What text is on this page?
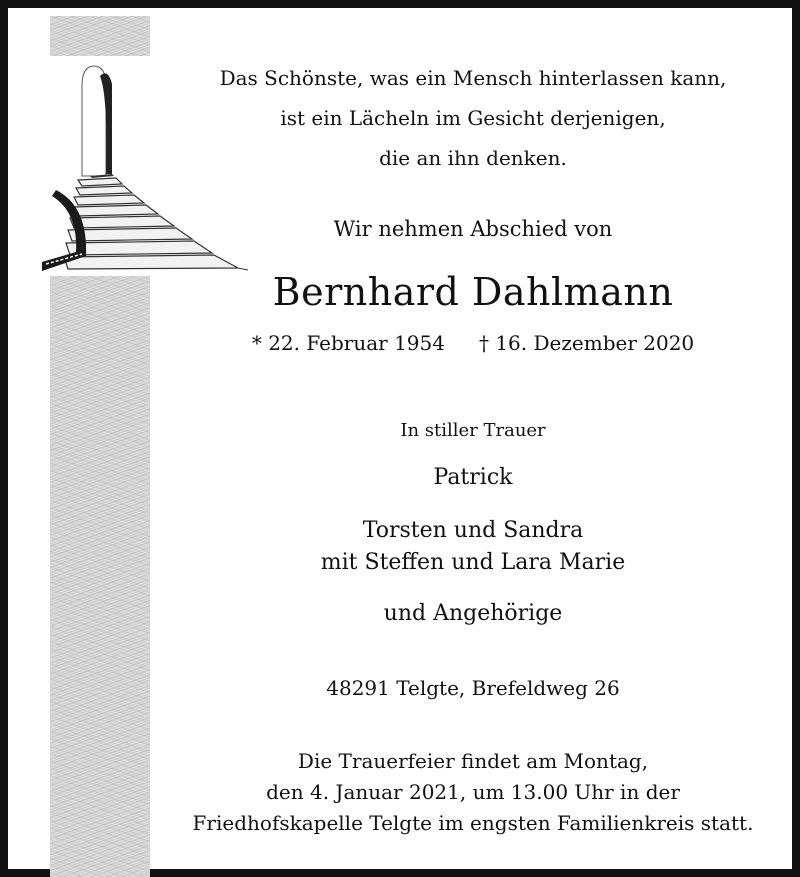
Das Schönste, was ein Mensch hinterlassen kann,
ist ein Lächeln im Gesicht derjenigen,
die an ihn denken.
Wir nehmen Abschied von
Bernhard Dahlmann
* 22. Februar 1954 † 16. Dezember 2020
In stiller Trauer
Patrick
Torsten und Sandra
mit Steffen und Lara Marie
und Angehörige
48291 Telgte, Brefeldweg 26
Die Trauerfeier findet am Montag,
den 4. Januar 2021, um 13.00 Uhr in der
Friedhofskapelle Telgte im engsten Familienkreis statt.
